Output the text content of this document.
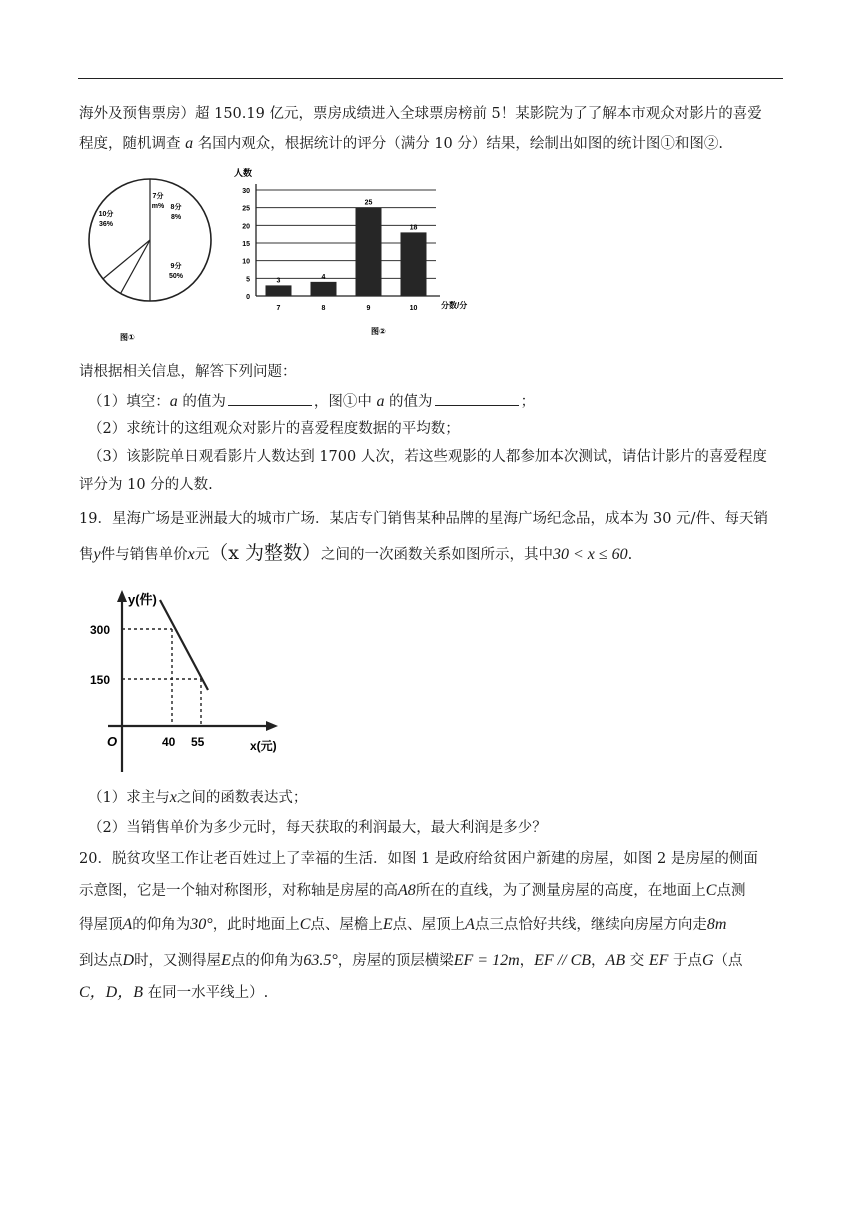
海外及预售票房）超 150.19 亿元，票房成绩进入全球票房榜前 5！某影院为了了解本市观众对影片的喜爱
程度，随机调查 a 名国内观众，根据统计的评分（满分 10 分）结果，绘制出如图的统计图①和图②.
10分
36%
9分
50%
8分
8%
7分
m%
图①
0
5
10
15
20
25
30
3
7
4
8
25
9
18
10
人数
分数/分
图②
请根据相关信息，解答下列问题：
（1）填空：a 的值为	，图①中 a 的值为	；
（2）求统计的这组观众对影片的喜爱程度数据的平均数；
（3）该影院单日观看影片人数达到 1700 人次，若这些观影的人都参加本次测试，请估计影片的喜爱程度
评分为 10 分的人数.
19．星海广场是亚洲最大的城市广场．某店专门销售某种品牌的星海广场纪念品，成本为 30 元/件、每天销
售y件与销售单价x元（x 为整数）之间的一次函数关系如图所示，其中30 < x ≤ 60.
y(件)
300
150
O	40 55	x(元)
（1）求主与x之间的函数表达式；
（2）当销售单价为多少元时，每天获取的利润最大，最大利润是多少？
20．脱贫攻坚工作让老百姓过上了幸福的生活．如图 1 是政府给贫困户新建的房屋，如图 2 是房屋的侧面
示意图，它是一个轴对称图形，对称轴是房屋的高A8所在的直线，为了测量房屋的高度，在地面上C点测
得屋顶A的仰角为30°，此时地面上C点、屋檐上E点、屋顶上A点三点恰好共线，继续向房屋方向走8m
到达点D时，又测得屋E点的仰角为63.5°，房屋的顶层横梁EF = 12m，EF // CB，AB 交 EF 于点G（点
C，D，B 在同一水平线上）.
